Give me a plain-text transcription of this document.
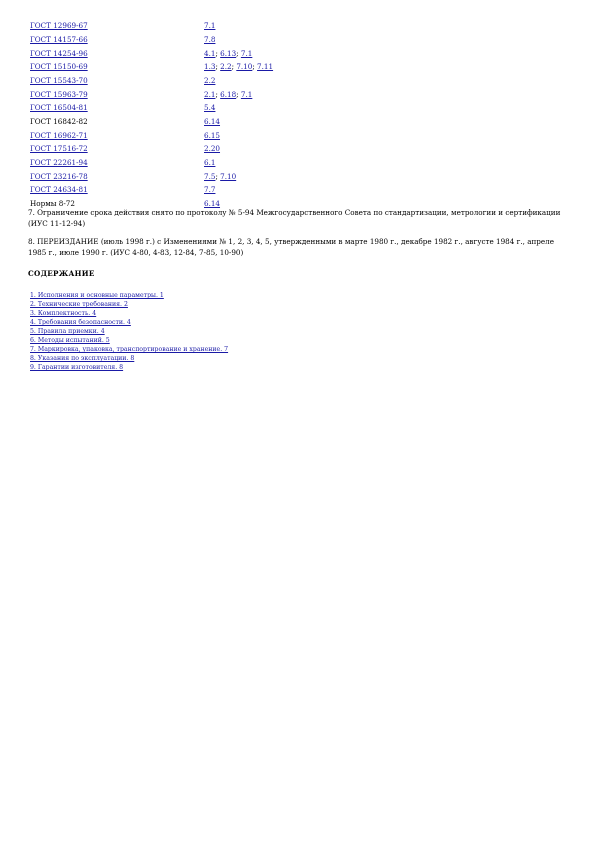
ГОСТ 12969-67	7.1
ГОСТ 14157-66	7.8
ГОСТ 14254-96	4.1; 6.13; 7.1
ГОСТ 15150-69	1.3; 2.2; 7.10; 7.11
ГОСТ 15543-70	2.2
ГОСТ 15963-79	2.1; 6.18; 7.1
ГОСТ 16504-81	5.4
ГОСТ 16842-82	6.14
ГОСТ 16962-71	6.15
ГОСТ 17516-72	2.20
ГОСТ 22261-94	6.1
ГОСТ 23216-78	7.5; 7.10
ГОСТ 24634-81	7.7
Нормы 8-72	6.14
7. Ограничение срока действия снято по протоколу № 5-94 Межгосударственного Совета по стандартизации, метрологии и сертификации (ИУС 11-12-94)
8. ПЕРЕИЗДАНИЕ (июль 1998 г.) с Изменениями № 1, 2, 3, 4, 5, утвержденными в марте 1980 г., декабре 1982 г., августе 1984 г., апреле 1985 г., июле 1990 г. (ИУС 4-80, 4-83, 12-84, 7-85, 10-90)
СОДЕРЖАНИЕ
1. Исполнения и основные параметры. 1
2. Технические требования. 2
3. Комплектность. 4
4. Требования безопасности. 4
5. Правила приемки. 4
6. Методы испытаний. 5
7. Маркировка, упаковка, транспортирование и хранение. 7
8. Указания по эксплуатации. 8
9. Гарантии изготовителя. 8
